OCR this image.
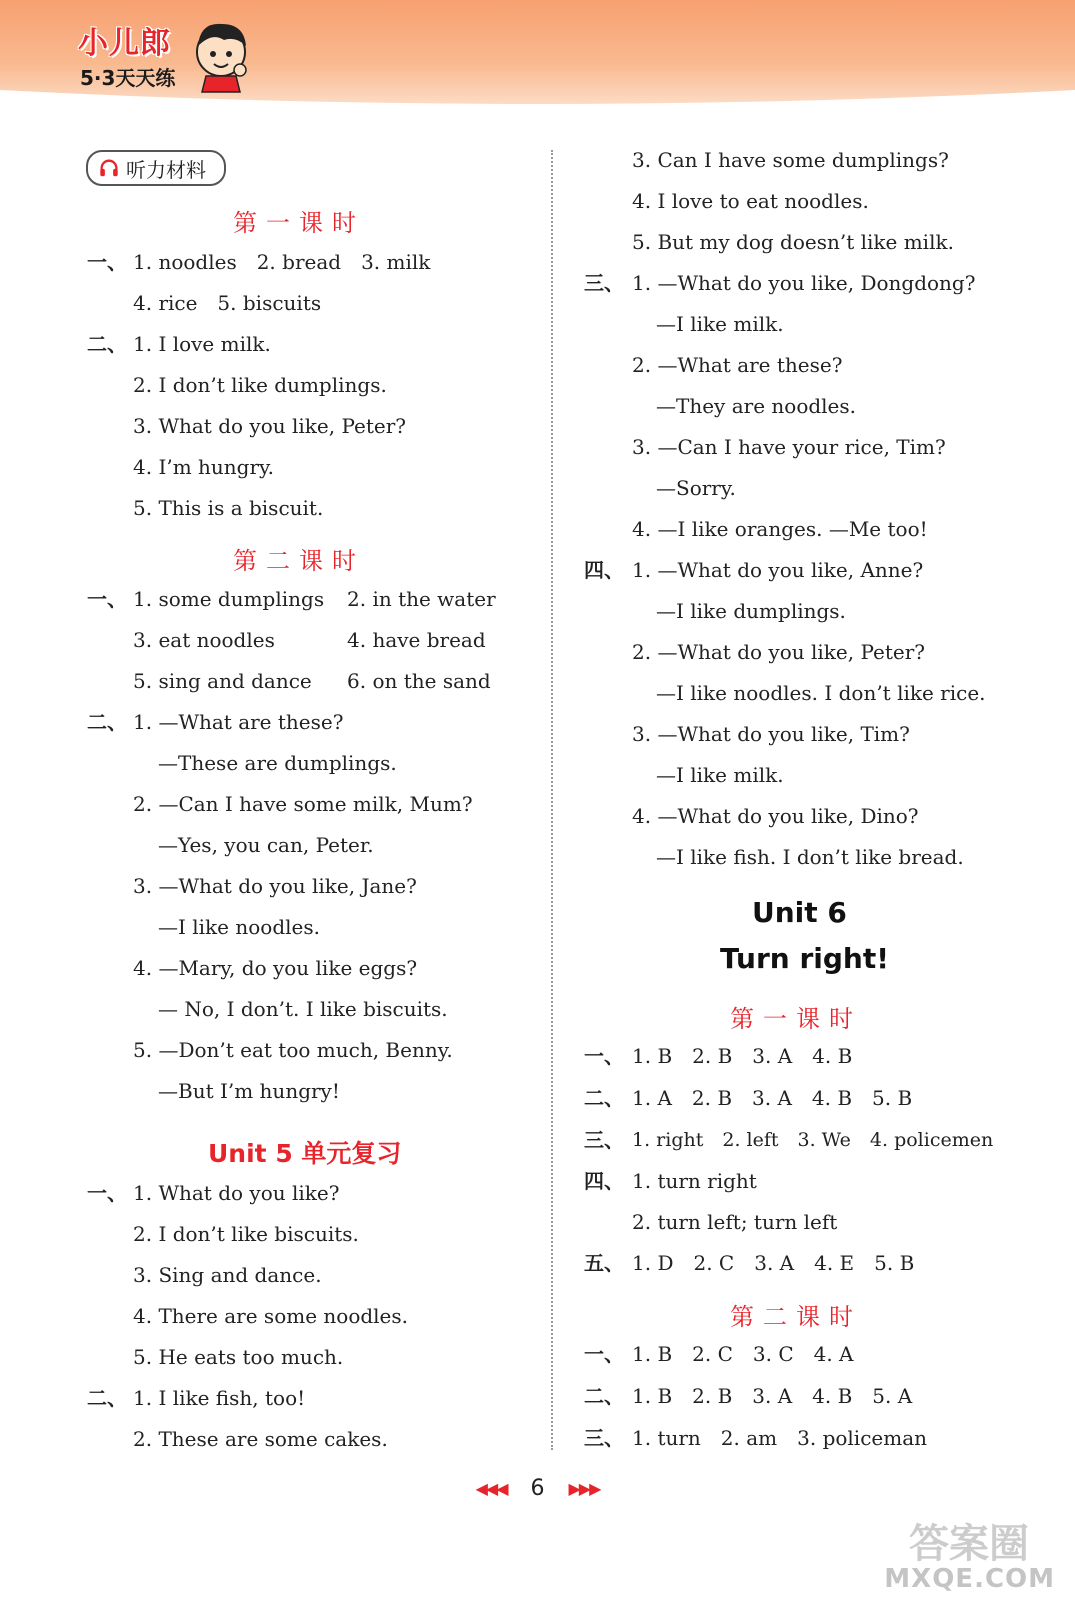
小儿郎
5·3天天练
听力材料
第一课时
一、 1. noodles　2. bread　3. milk
4. rice　5. biscuits
二、 1. I love milk.
2. I don’t like dumplings.
3. What do you like, Peter?
4. I’m hungry.
5. This is a biscuit.
第二课时
一、 1. some dumplings 2. in the water
3. eat noodles	4. have bread
5. sing and dance 6. on the sand
二、 1. —What are these?
—These are dumplings.
2. —Can I have some milk, Mum?
—Yes, you can, Peter.
3. —What do you like, Jane?
—I like noodles.
4. —Mary, do you like eggs?
— No, I don’t. I like biscuits.
5. —Don’t eat too much, Benny.
—But I’m hungry!
Unit 5 单元复习
一、 1. What do you like?
2. I don’t like biscuits.
3. Sing and dance.
4. There are some noodles.
5. He eats too much.
二、 1. I like fish, too!
2. These are some cakes.
3. Can I have some dumplings?
4. I love to eat noodles.
5. But my dog doesn’t like milk.
三、 1. —What do you like, Dongdong?
—I like milk.
2. —What are these?
—They are noodles.
3. —Can I have your rice, Tim?
—Sorry.
4. —I like oranges. —Me too!
四、 1. —What do you like, Anne?
—I like dumplings.
2. —What do you like, Peter?
—I like noodles. I don’t like rice.
3. —What do you like, Tim?
—I like milk.
4. —What do you like, Dino?
—I like fish. I don’t like bread.
Unit 6
Turn right!
第一课时
一、 1. B　2. B　3. A　4. B
二、 1. A　2. B　3. A　4. B　5. B
三、 1. right　2. left　3. We　4. policemen
四、 1. turn right
2. turn left; turn left
五、 1. D　2. C　3. A　4. E　5. B
第二课时
一、 1. B　2. C　3. C　4. A
二、 1. B　2. B　3. A　4. B　5. A
三、 1. turn　2. am　3. policeman
◀◀◀ 6 ▶▶▶
答案圈
MXQE.COM
